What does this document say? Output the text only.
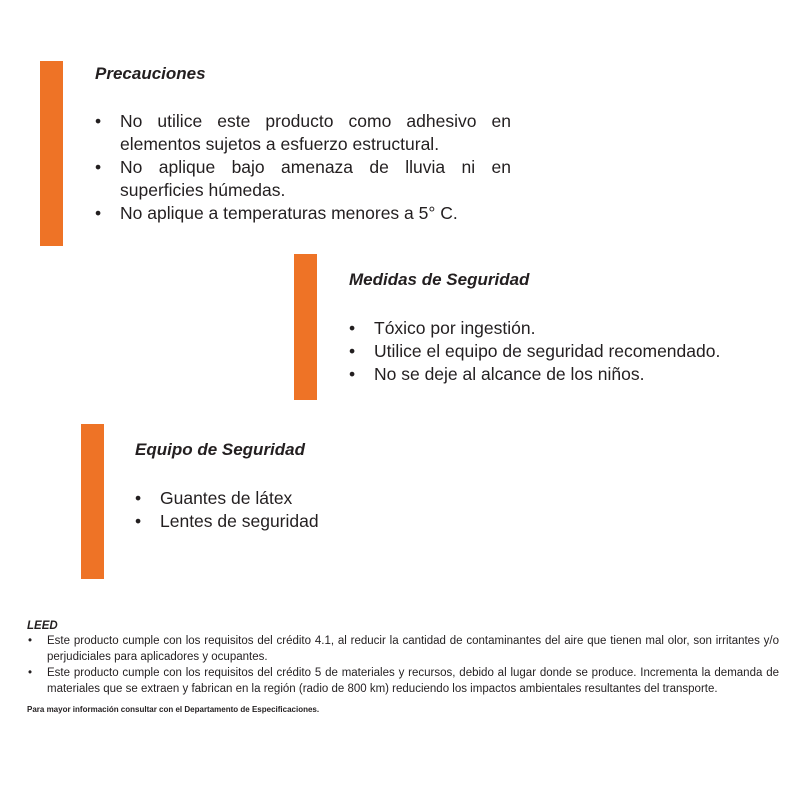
Precauciones
• No utilice este producto como adhesivo en elementos sujetos a esfuerzo estructural.
• No aplique bajo amenaza de lluvia ni en superficies húmedas.
• No aplique a temperaturas menores a 5° C.
Medidas de Seguridad
• Tóxico por ingestión.
• Utilice el equipo de seguridad recomendado.
• No se deje al alcance de los niños.
Equipo de Seguridad
• Guantes de látex
• Lentes de seguridad
LEED
• Este producto cumple con los requisitos del crédito 4.1, al reducir la cantidad de contaminantes del aire que tienen mal olor, son irritantes y/o perjudiciales para aplicadores y ocupantes.
• Este producto cumple con los requisitos del crédito 5 de materiales y recursos, debido al lugar donde se produce. Incrementa la demanda de materiales que se extraen y fabrican en la región (radio de 800 km) reduciendo los impactos ambientales resultantes del transporte.
Para mayor información consultar con el Departamento de Especificaciones.
